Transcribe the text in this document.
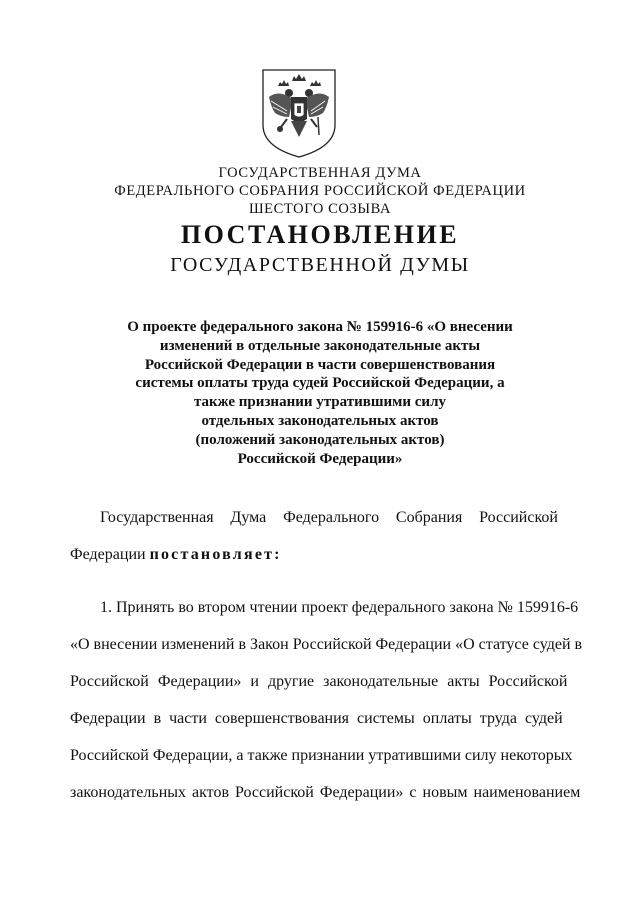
ГОСУДАРСТВЕННАЯ ДУМА
ФЕДЕРАЛЬНОГО СОБРАНИЯ РОССИЙСКОЙ ФЕДЕРАЦИИ
ШЕСТОГО СОЗЫВА
ПОСТАНОВЛЕНИЕ
ГОСУДАРСТВЕННОЙ ДУМЫ
О проекте федерального закона № 159916-6 «О внесении
изменений в отдельные законодательные акты
Российской Федерации в части совершенствования
системы оплаты труда судей Российской Федерации, а
также признании утратившими силу
отдельных законодательных актов
(положений законодательных актов)
Российской Федерации»
Государственная Дума Федерального Собрания Российской
Федерации постановляет:
1. Принять во втором чтении проект федерального закона № 159916-6
«О внесении изменений в Закон Российской Федерации «О статусе судей в
Российской Федерации» и другие законодательные акты Российской
Федерации в части совершенствования системы оплаты труда судей
Российской Федерации, а также признании утратившими силу некоторых
законодательных актов Российской Федерации» с новым наименованием
